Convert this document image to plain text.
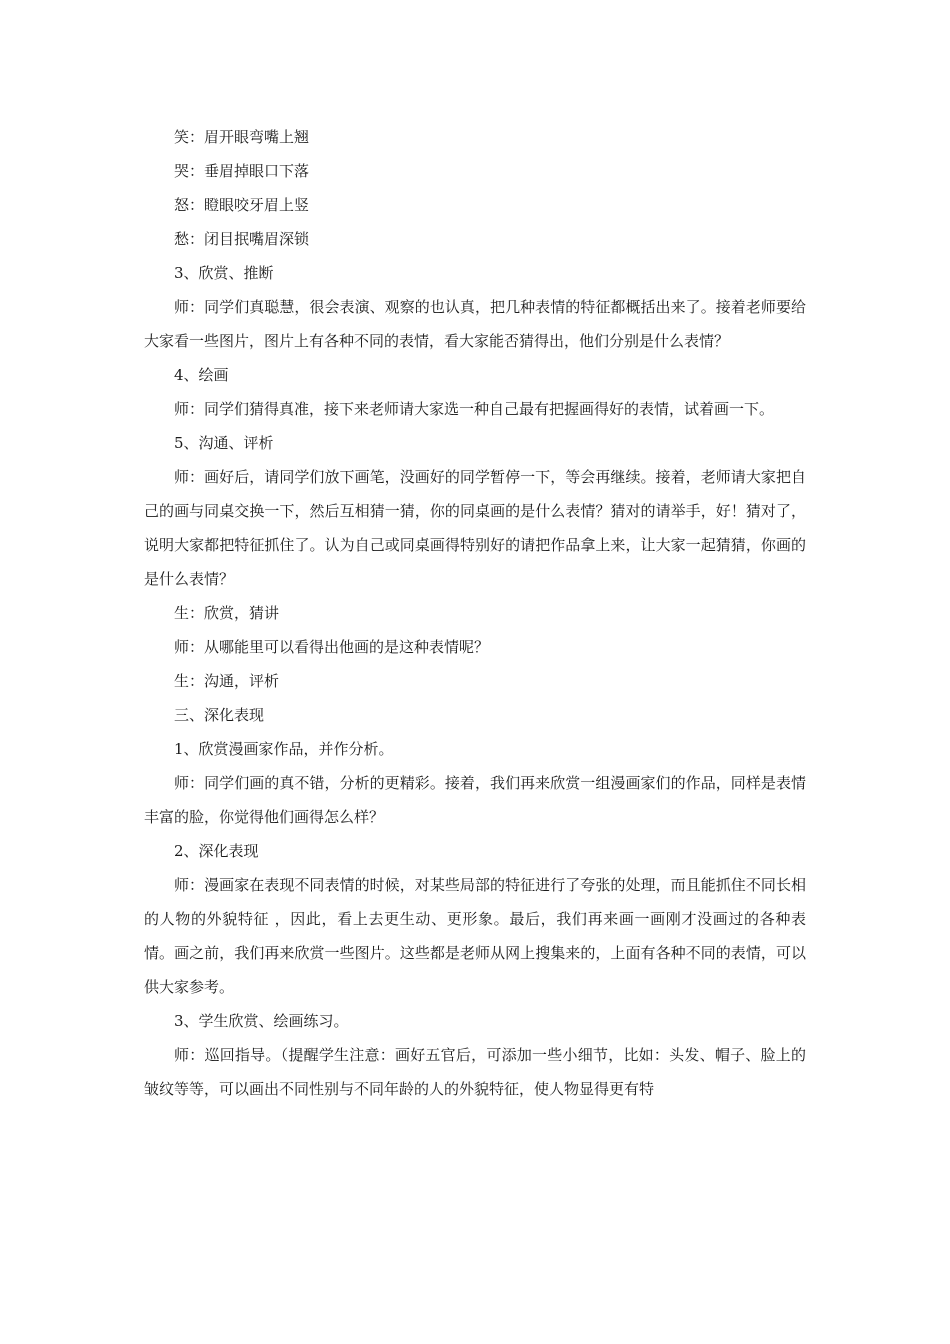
笑：眉开眼弯嘴上翘

哭：垂眉掉眼口下落

怒：瞪眼咬牙眉上竖

愁：闭目抿嘴眉深锁

3、欣赏、推断

师：同学们真聪慧，很会表演、观察的也认真，把几种表情的特征都概括出来了。接着老师要给大家看一些图片，图片上有各种不同的表情，看大家能否猜得出，他们分别是什么表情？

4、绘画

师：同学们猜得真准，接下来老师请大家选一种自己最有把握画得好的表情，试着画一下。

5、沟通、评析

师：画好后，请同学们放下画笔，没画好的同学暂停一下，等会再继续。接着，老师请大家把自己的画与同桌交换一下，然后互相猜一猜，你的同桌画的是什么表情？猜对的请举手，好！猜对了，说明大家都把特征抓住了。认为自己或同桌画得特别好的请把作品拿上来，让大家一起猜猜，你画的是什么表情？

生：欣赏，猜讲

师：从哪能里可以看得出他画的是这种表情呢？

生：沟通，评析

三、深化表现

1、欣赏漫画家作品，并作分析。

师：同学们画的真不错，分析的更精彩。接着，我们再来欣赏一组漫画家们的作品，同样是表情丰富的脸，你觉得他们画得怎么样？

2、深化表现

师：漫画家在表现不同表情的时候，对某些局部的特征进行了夸张的处理，而且能抓住不同长相的人物的外貌特征 ，因此，看上去更生动、更形象。最后，我们再来画一画刚才没画过的各种表情。画之前，我们再来欣赏一些图片。这些都是老师从网上搜集来的，上面有各种不同的表情，可以供大家参考。

3、学生欣赏、绘画练习。

师：巡回指导。（提醒学生注意：画好五官后，可添加一些小细节，比如：头发、帽子、脸上的皱纹等等，可以画出不同性别与不同年龄的人的外貌特征，使人物显得更有特
